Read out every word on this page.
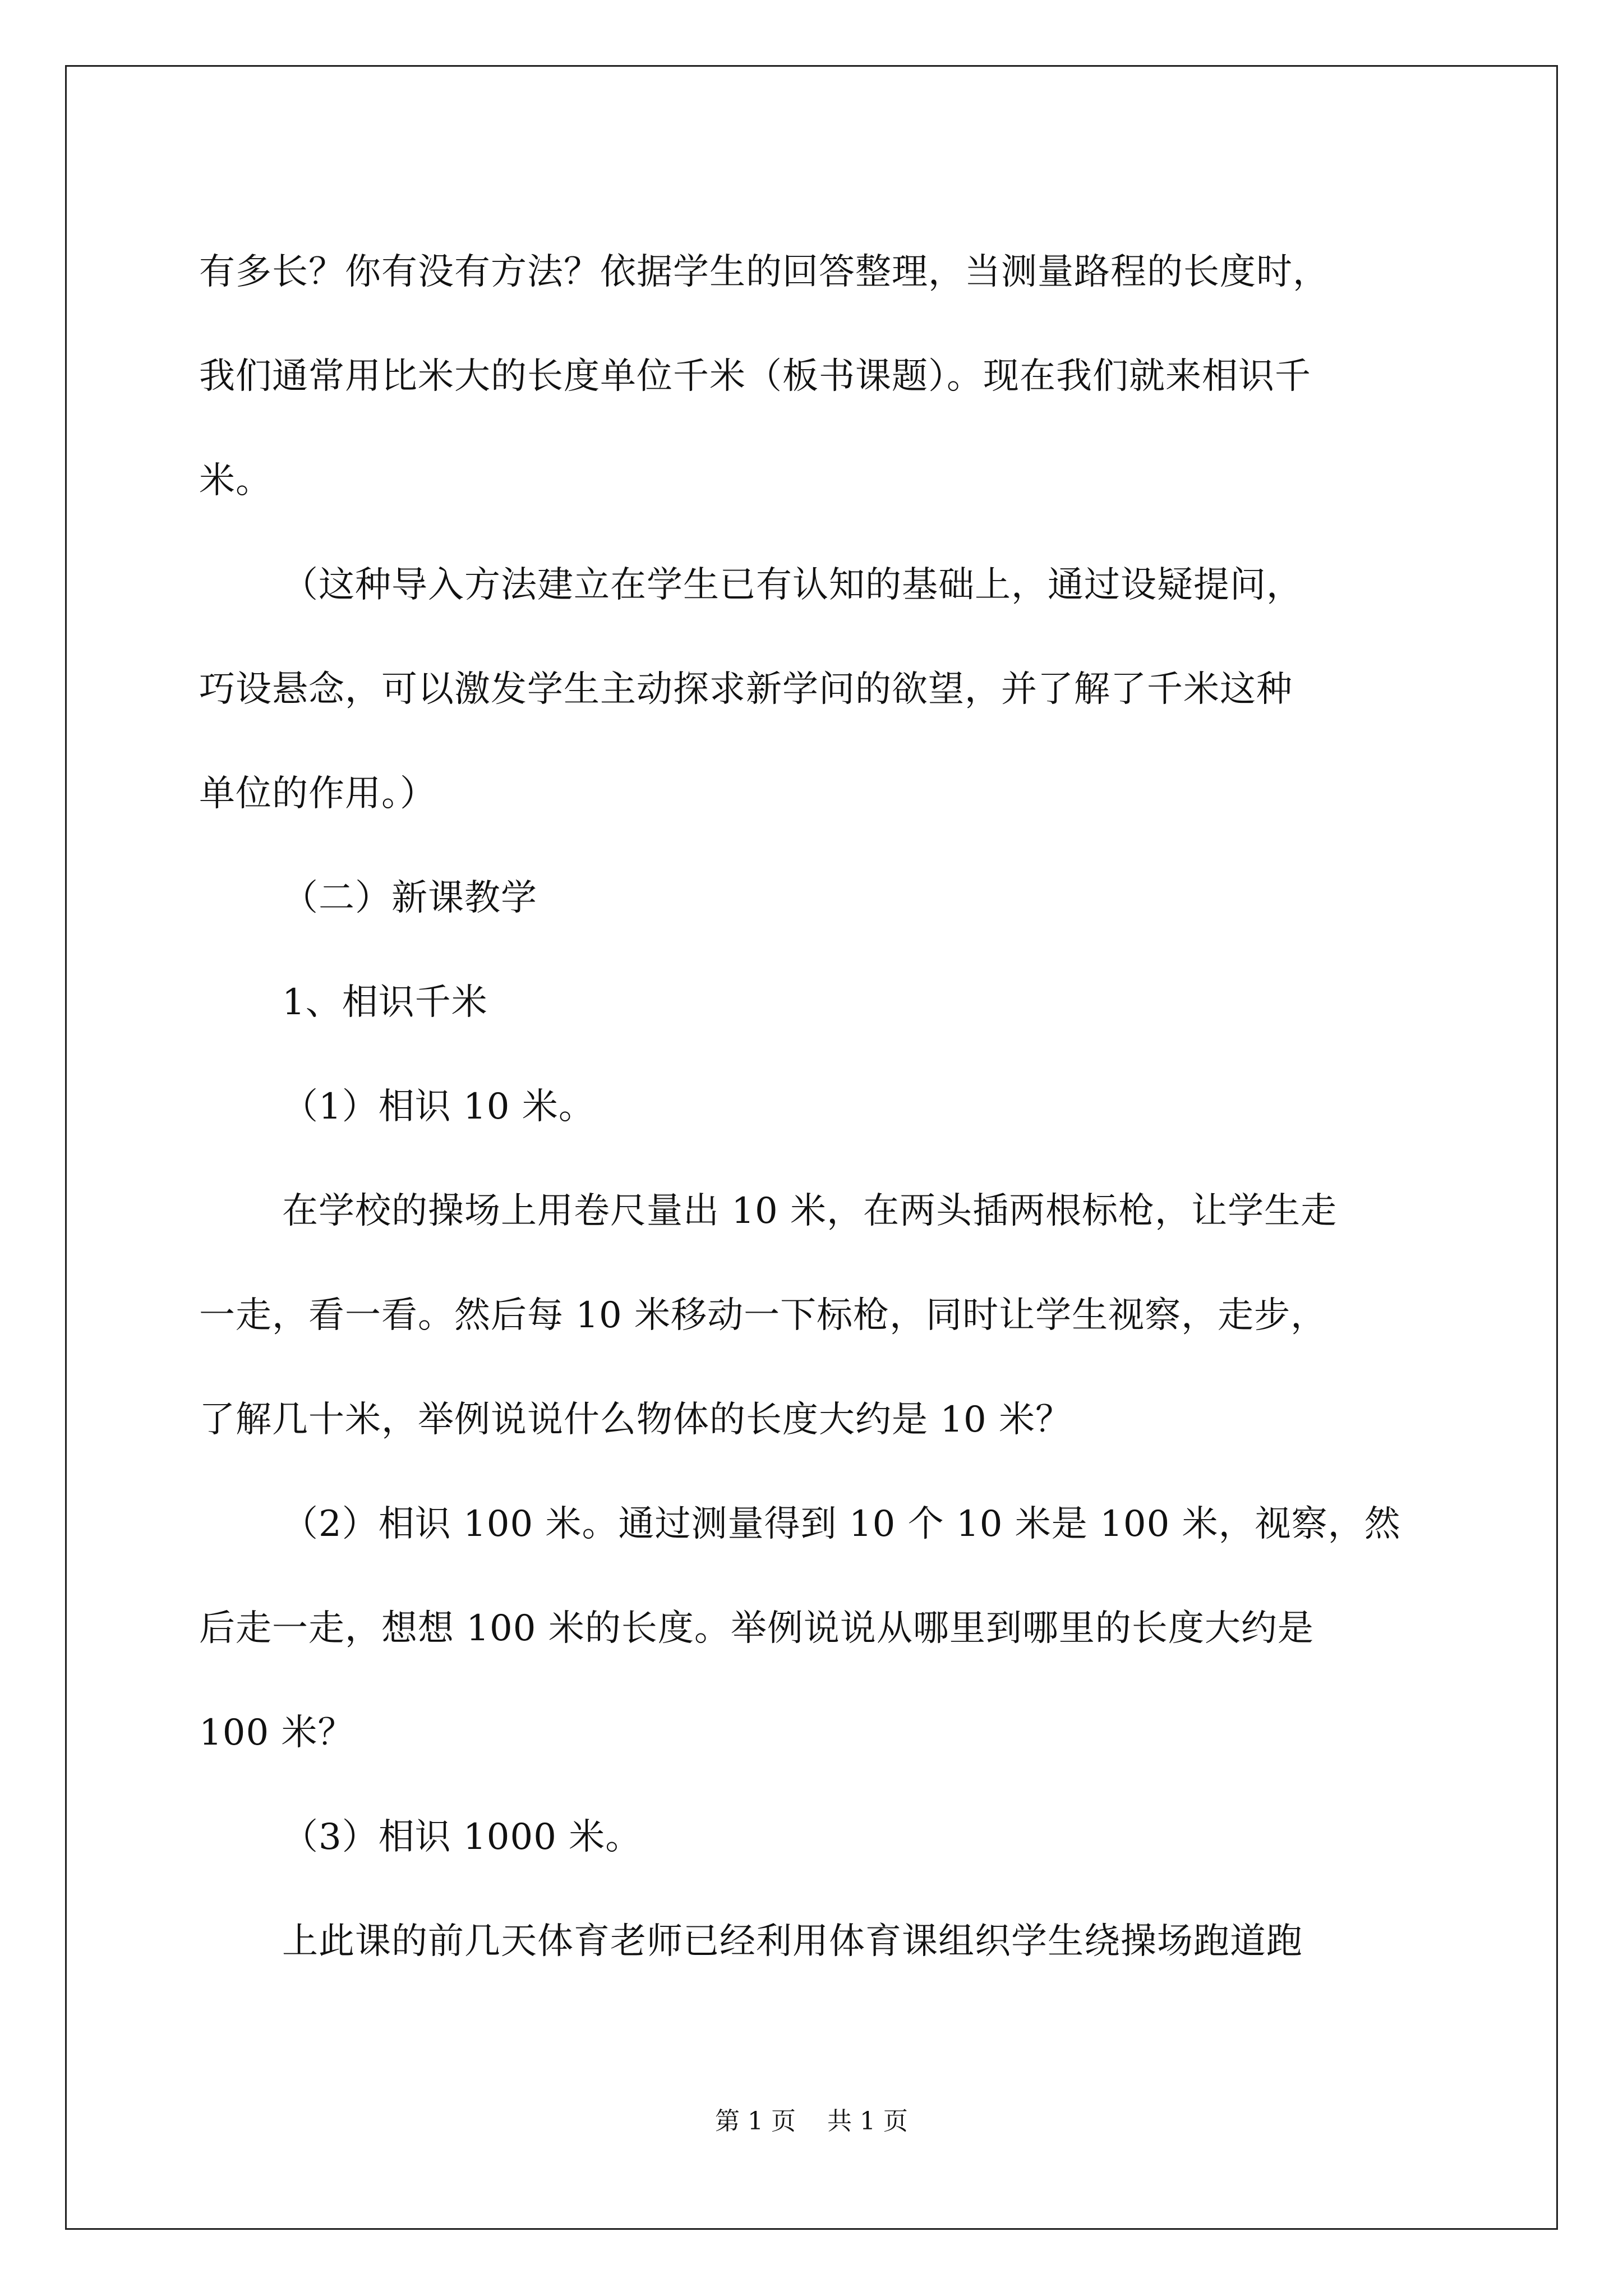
有多长？你有没有方法？依据学生的回答整理，当测量路程的长度时，
我们通常用比米大的长度单位千米（板书课题）。现在我们就来相识千
米。
（这种导入方法建立在学生已有认知的基础上，通过设疑提问，
巧设悬念，可以激发学生主动探求新学问的欲望，并了解了千米这种
单位的作用。）
（二）新课教学
1、相识千米
（1）相识 10 米。
在学校的操场上用卷尺量出 10 米，在两头插两根标枪，让学生走
一走，看一看。然后每 10 米移动一下标枪，同时让学生视察，走步，
了解几十米，举例说说什么物体的长度大约是 10 米？
（2）相识 100 米。通过测量得到 10 个 10 米是 100 米，视察，然
后走一走，想想 100 米的长度。举例说说从哪里到哪里的长度大约是
100 米？
（3）相识 1000 米。
上此课的前几天体育老师已经利用体育课组织学生绕操场跑道跑
第 1 页    共 1 页
